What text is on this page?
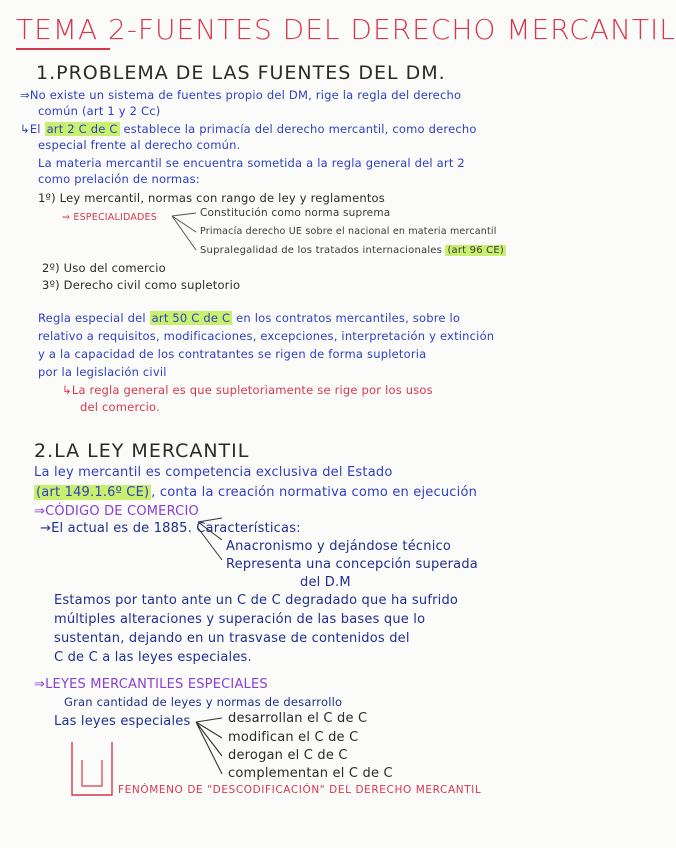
TEMA 2-FUENTES DEL DERECHO MERCANTIL
1.PROBLEMA DE LAS FUENTES DEL DM.
⇒No existe un sistema de fuentes propio del DM, rige la regla del derecho
común (art 1 y 2 Cc)
↳El art 2 C de C establece la primacía del derecho mercantil, como derecho
especial frente al derecho común.
La materia mercantil se encuentra sometida a la regla general del art 2
como prelación de normas:
1º) Ley mercantil, normas con rango de ley y reglamentos
⇒ ESPECIALIDADES	Constitución como norma suprema
Primacía derecho UE sobre el nacional en materia mercantil
Supralegalidad de los tratados internacionales (art 96 CE)
2º) Uso del comercio
3º) Derecho civil como supletorio
Regla especial del art 50 C de C en los contratos mercantiles, sobre lo
relativo a requisitos, modificaciones, excepciones, interpretación y extinción
y a la capacidad de los contratantes se rigen de forma supletoria
por la legislación civil
↳La regla general es que supletoriamente se rige por los usos
del comercio.
2.LA LEY MERCANTIL
La ley mercantil es competencia exclusiva del Estado
(art 149.1.6º CE) , conta la creación normativa como en ejecución
⇒CÓDIGO DE COMERCIO
→El actual es de 1885. Características:
Anacronismo y dejándose técnico
Representa una concepción superada
del D.M
Estamos por tanto ante un C de C degradado que ha sufrido
múltiples alteraciones y superación de las bases que lo
sustentan, dejando en un trasvase de contenidos del
C de C a las leyes especiales.
⇒LEYES MERCANTILES ESPECIALES
Gran cantidad de leyes y normas de desarrollo
Las leyes especiales	desarrollan el C de C
modifican el C de C
derogan el C de C
complementan el C de C
FENÓMENO DE "DESCODIFICACIÓN" DEL DERECHO MERCANTIL
